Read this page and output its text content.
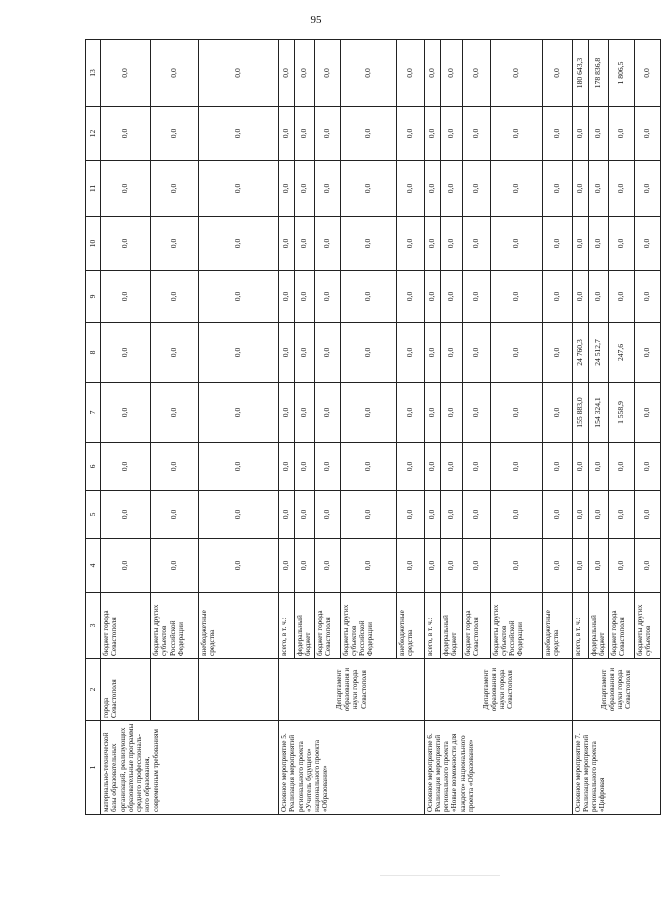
95
1	2	3	4	5	6	7	8	9	10	11	12	13
материально-технической базы образовательных организаций, реализующих образовательные программы среднего профессиональ-ного образования, современным требованиям	города Севастополя	бюджет города Севастополя	0,0	0,0	0,0	0,0	0,0	0,0	0,0	0,0	0,0	0,0
		бюджеты других субъектов Российской Федерации	0,0	0,0	0,0	0,0	0,0	0,0	0,0	0,0	0,0	0,0
		внебюджетные средства	0,0	0,0	0,0	0,0	0,0	0,0	0,0	0,0	0,0	0,0
Основное мероприятие 5. Реализация мероприятий регионального проекта «Учитель будущего» национального проекта «Образование»	Департамент образования и науки города Севастополя	всего, в т. ч.:	0,0	0,0	0,0	0,0	0,0	0,0	0,0	0,0	0,0	0,0
		федеральный бюджет	0,0	0,0	0,0	0,0	0,0	0,0	0,0	0,0	0,0	0,0
		бюджет города Севастополя	0,0	0,0	0,0	0,0	0,0	0,0	0,0	0,0	0,0	0,0
		бюджеты других субъектов Российской Федерации	0,0	0,0	0,0	0,0	0,0	0,0	0,0	0,0	0,0	0,0
		внебюджетные средства	0,0	0,0	0,0	0,0	0,0	0,0	0,0	0,0	0,0	0,0
Основное мероприятие 6. Реализация мероприятий регионального проекта «Новые возможности для каждого» национального проекта «Образование»	Департамент образования и науки города Севастополя	всего, в т. ч.:	0,0	0,0	0,0	0,0	0,0	0,0	0,0	0,0	0,0	0,0
		федеральный бюджет	0,0	0,0	0,0	0,0	0,0	0,0	0,0	0,0	0,0	0,0
		бюджет города Севастополя	0,0	0,0	0,0	0,0	0,0	0,0	0,0	0,0	0,0	0,0
		бюджеты других субъектов Российской Федерации	0,0	0,0	0,0	0,0	0,0	0,0	0,0	0,0	0,0	0,0
		внебюджетные средства	0,0	0,0	0,0	0,0	0,0	0,0	0,0	0,0	0,0	0,0
Основное мероприятие 7. Реализация мероприятий регионального проекта «Цифровая	Департамент образования и науки города Севастополя	всего, в т. ч.:	0,0	0,0	0,0	155 883,0	24 760,3	0,0	0,0	0,0	0,0	180 643,3
		федеральный бюджет	0,0	0,0	0,0	154 324,1	24 512,7	0,0	0,0	0,0	0,0	178 836,8
		бюджет города Севастополя	0,0	0,0	0,0	1 558,9	247,6	0,0	0,0	0,0	0,0	1 806,5
		бюджеты других субъектов	0,0	0,0	0,0	0,0	0,0	0,0	0,0	0,0	0,0	0,0
